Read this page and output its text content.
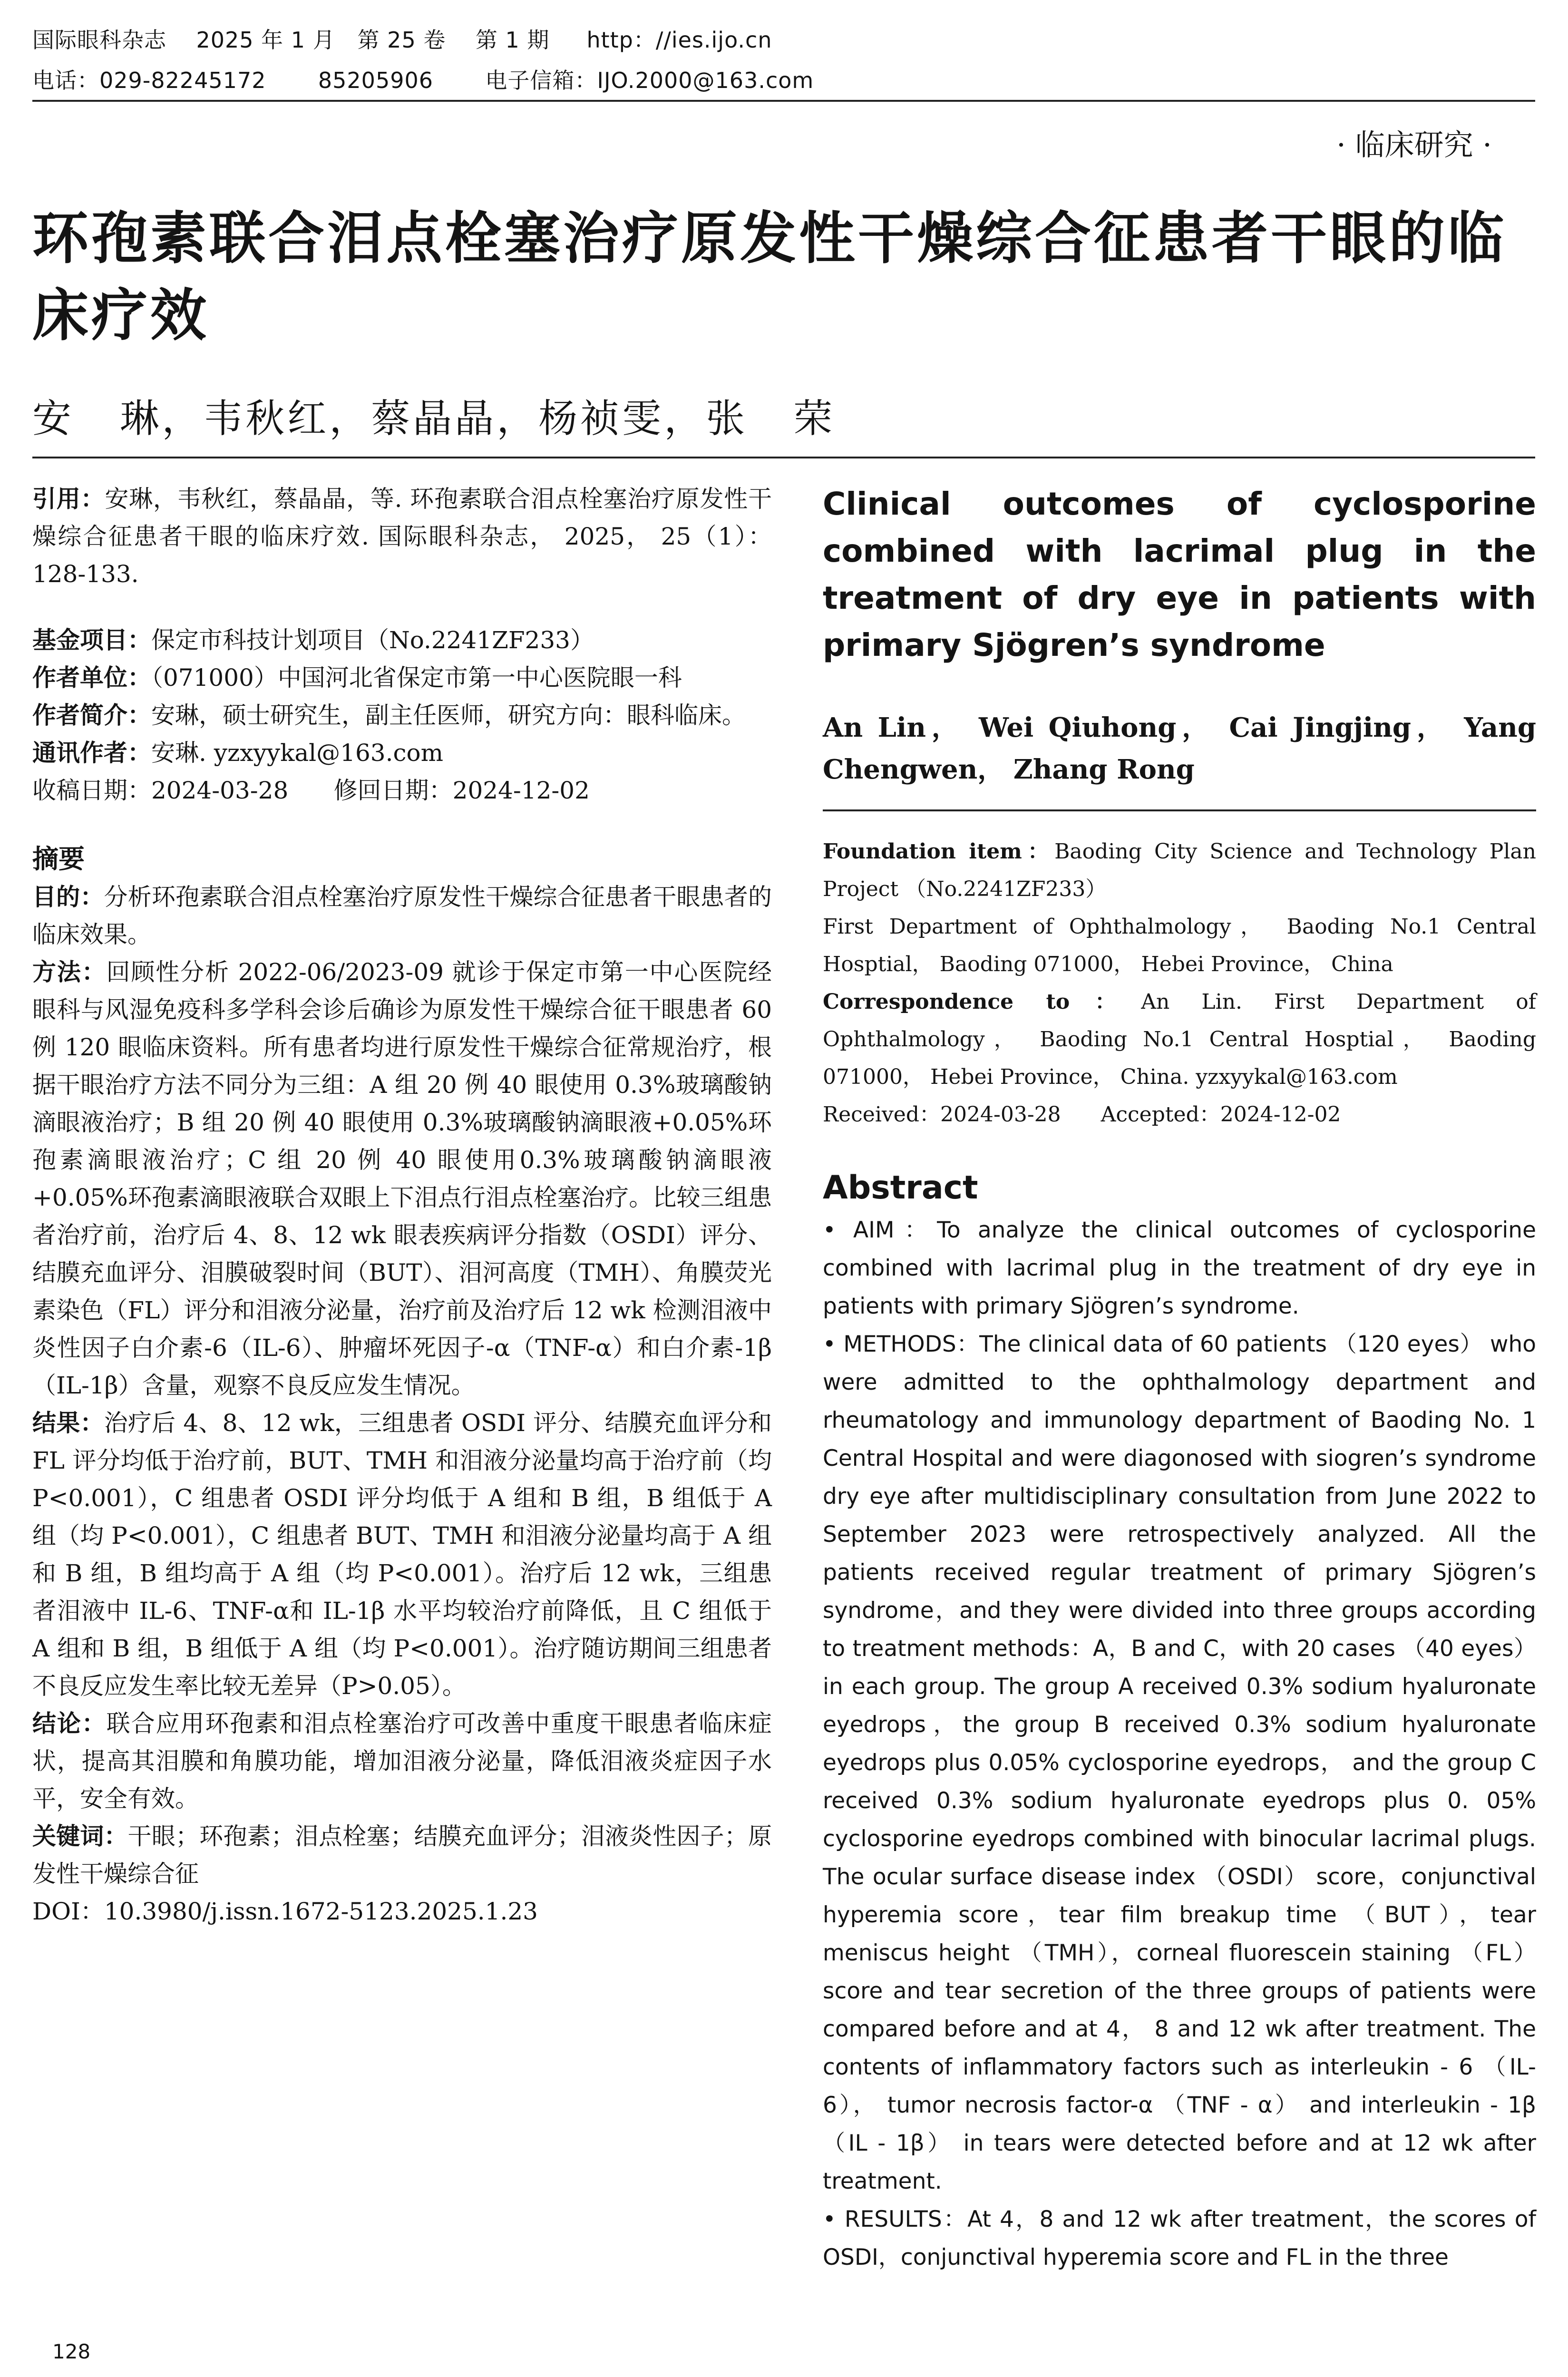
国际眼科杂志    2025 年 1 月   第 25 卷    第 1 期     http：//ies.ijo.cn
电话：029-82245172       85205906       电子信箱：IJO.2000@163.com
· 临床研究 ·
环孢素联合泪点栓塞治疗原发性干燥综合征患者干眼的临床疗效
安   琳，韦秋红，蔡晶晶，杨祯雯，张   荣

引用：安琳，韦秋红，蔡晶晶，等. 环孢素联合泪点栓塞治疗原发性干燥综合征患者干眼的临床疗效. 国际眼科杂志， 2025， 25（1）：128-133.

基金项目：保定市科技计划项目（No.2241ZF233）

作者单位：（071000）中国河北省保定市第一中心医院眼一科

作者简介：安琳，硕士研究生，副主任医师，研究方向：眼科临床。

通讯作者：安琳. yzxyykal@163.com

收稿日期：2024-03-28      修回日期：2024-12-02

摘要

目的：分析环孢素联合泪点栓塞治疗原发性干燥综合征患者干眼患者的临床效果。

方法：回顾性分析 2022-06/2023-09 就诊于保定市第一中心医院经眼科与风湿免疫科多学科会诊后确诊为原发性干燥综合征干眼患者 60 例 120 眼临床资料。所有患者均进行原发性干燥综合征常规治疗，根据干眼治疗方法不同分为三组：A 组 20 例 40 眼使用 0.3%玻璃酸钠滴眼液治疗；B 组 20 例 40 眼使用 0.3%玻璃酸钠滴眼液+0.05%环孢素滴眼液治疗；C 组 20 例 40 眼使用0.3%玻璃酸钠滴眼液+0.05%环孢素滴眼液联合双眼上下泪点行泪点栓塞治疗。比较三组患者治疗前，治疗后 4、8、12 wk 眼表疾病评分指数（OSDI）评分、结膜充血评分、泪膜破裂时间（BUT）、泪河高度（TMH）、角膜荧光素染色（FL）评分和泪液分泌量，治疗前及治疗后 12 wk 检测泪液中炎性因子白介素-6（IL-6）、肿瘤坏死因子-α（TNF-α）和白介素-1β（IL-1β）含量，观察不良反应发生情况。

结果：治疗后 4、8、12 wk，三组患者 OSDI 评分、结膜充血评分和 FL 评分均低于治疗前，BUT、TMH 和泪液分泌量均高于治疗前（均 P<0.001），C 组患者 OSDI 评分均低于 A 组和 B 组，B 组低于 A 组（均 P<0.001），C 组患者 BUT、TMH 和泪液分泌量均高于 A 组和 B 组，B 组均高于 A 组（均 P<0.001）。治疗后 12 wk，三组患者泪液中 IL-6、TNF-α和 IL-1β 水平均较治疗前降低，且 C 组低于 A 组和 B 组，B 组低于 A 组（均 P<0.001）。治疗随访期间三组患者不良反应发生率比较无差异（P>0.05）。

结论：联合应用环孢素和泪点栓塞治疗可改善中重度干眼患者临床症状，提高其泪膜和角膜功能，增加泪液分泌量，降低泪液炎症因子水平，安全有效。

关键词：干眼；环孢素；泪点栓塞；结膜充血评分；泪液炎性因子；原发性干燥综合征

DOI：10.3980/j.issn.1672-5123.2025.1.23

Clinical outcomes of cyclosporine combined with lacrimal plug in the treatment of dry eye in patients with primary Sjögren’s syndrome

An Lin， Wei Qiuhong， Cai Jingjing， Yang Chengwen， Zhang Rong

Foundation item：Baoding City Science and Technology Plan Project （No.2241ZF233）

First Department of Ophthalmology， Baoding No.1 Central Hosptial， Baoding 071000， Hebei Province， China

Correspondence to：An Lin. First Department of Ophthalmology， Baoding No.1 Central Hosptial， Baoding 071000， Hebei Province， China. yzxyykal@163.com

Received：2024-03-28      Accepted：2024-12-02

Abstract

• AIM：To analyze the clinical outcomes of cyclosporine combined with lacrimal plug in the treatment of dry eye in patients with primary Sjögren’s syndrome.

• METHODS：The clinical data of 60 patients （120 eyes） who were admitted to the ophthalmology department and rheumatology and immunology department of Baoding No. 1 Central Hospital and were diagonosed with siogren’s syndrome dry eye after multidisciplinary consultation from June 2022 to September 2023 were retrospectively analyzed. All the patients received regular treatment of primary Sjögren’s syndrome，and they were divided into three groups according to treatment methods：A，B and C，with 20 cases （40 eyes） in each group. The group A received 0.3% sodium hyaluronate eyedrops，the group B received 0.3% sodium hyaluronate eyedrops plus 0.05% cyclosporine eyedrops， and the group C received 0.3% sodium hyaluronate eyedrops plus 0. 05% cyclosporine eyedrops combined with binocular lacrimal plugs. The ocular surface disease index （OSDI） score，conjunctival hyperemia score，tear film breakup time （BUT），tear meniscus height （TMH），corneal fluorescein staining （FL） score and tear secretion of the three groups of patients were compared before and at 4， 8 and 12 wk after treatment. The contents of inflammatory factors such as interleukin - 6 （IL-6）， tumor necrosis factor-α （TNF - α） and interleukin - 1β （IL - 1β） in tears were detected before and at 12 wk after treatment.

• RESULTS：At 4，8 and 12 wk after treatment，the scores of OSDI，conjunctival hyperemia score and FL in the three

128
